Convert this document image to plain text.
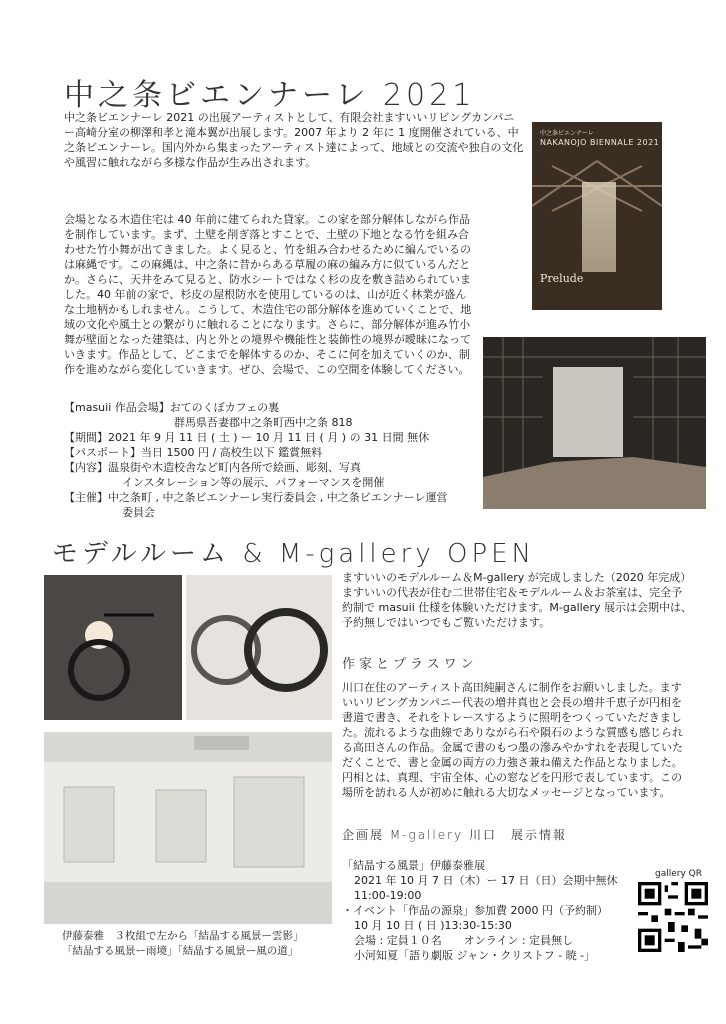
中之条ビエンナーレ 2021

中之条ビエンナーレ 2021 の出展アーティストとして、有限会社ますいいリビングカンパニー高崎分室の柳澤和孝と滝本翼が出展します。2007 年より 2 年に 1 度開催されている、中之条ビエンナーレ。国内外から集まったアーティスト達によって、地域との交流や独自の文化や風習に触れながら多様な作品が生み出されます。

会場となる木造住宅は 40 年前に建てられた貸家。この家を部分解体しながら作品を制作しています。まず、土壁を削ぎ落とすことで、土壁の下地となる竹を組み合わせた竹小舞が出てきました。よく見ると、竹を組み合わせるために編んでいるのは麻縄です。この麻縄は、中之条に昔からある草履の麻の編み方に似ているんだとか。さらに、天井をみて見ると、防水シートではなく杉の皮を敷き詰められていました。40 年前の家で、杉皮の屋根防水を使用しているのは、山が近く林業が盛んな土地柄かもしれません。こうして、木造住宅の部分解体を進めていくことで、地域の文化や風土との繋がりに触れることになります。さらに、部分解体が進み竹小舞が壁面となった建築は、内と外との境界や機能性と装飾性の境界が曖昧になっていきます。作品として、どこまでを解体するのか、そこに何を加えていくのか、制作を進めながら変化していきます。ぜひ、会場で、この空間を体験してください。

【masuii 作品会場】 おてのくぼカフェの裏
群馬県吾妻郡中之条町西中之条 818
【期間】 2021 年 9 月 11 日 ( 土 ) ー 10 月 11 日 ( 月 ) の 31 日間 無休
【パスポート】 当日 1500 円 / 高校生以下 鑑賞無料
【内容】 温泉街や木造校舎など町内各所で絵画、彫刻、写真
インスタレーション等の展示、パフォーマンスを開催
【主催】 中之条町 , 中之条ビエンナーレ実行委員会 , 中之条ビエンナーレ運営
委員会
中之条ビエンナーレ
NAKANOJO BIENNALE 2021
Prelude
モデルルーム & M-gallery OPEN
伊藤泰雅　３枚組で左から「結晶する風景ー雲影」
「結晶する風景ー雨境」「結晶する風景ー風の道」

ますいいのモデルルーム＆M-gallery が完成しました（2020 年完成）ますいいの代表が住む二世帯住宅＆モデルルーム＆お茶室は、完全予約制で masuii 仕様を体験いただけます。M-gallery 展示は会期中は、予約無しではいつでもご覧いただけます。

作家とプラスワン

川口在住のアーティスト高田純嗣さんに制作をお願いしました。ますいいリビングカンパニー代表の増井真也と会長の増井千恵子が円相を書道で書き、それをトレースするように照明をつくっていただきました。流れるような曲線でありながら石や隕石のような質感も感じられる高田さんの作品。金属で書のもつ墨の滲みやかすれを表現していただくことで、書と金属の両方の力強さ兼ね備えた作品となりました。円相とは、真理、宇宙全体、心の窓などを円形で表しています。この場所を訪れる人が初めに触れる大切なメッセージとなっています。

企画展 M-gallery 川口　展示情報
「結晶する風景」伊藤泰雅展
2021 年 10 月 7 日（木）ー 17 日（日）会期中無休
11:00-19:00
・イベント「作品の源泉」参加費 2000 円（予約制）
10 月 10 日 ( 日 )13:30-15:30
会場 : 定員１０名　　オンライン : 定員無し
小河知夏「語り劇版 ジャン・クリストフ - 暁 -」
gallery QR
